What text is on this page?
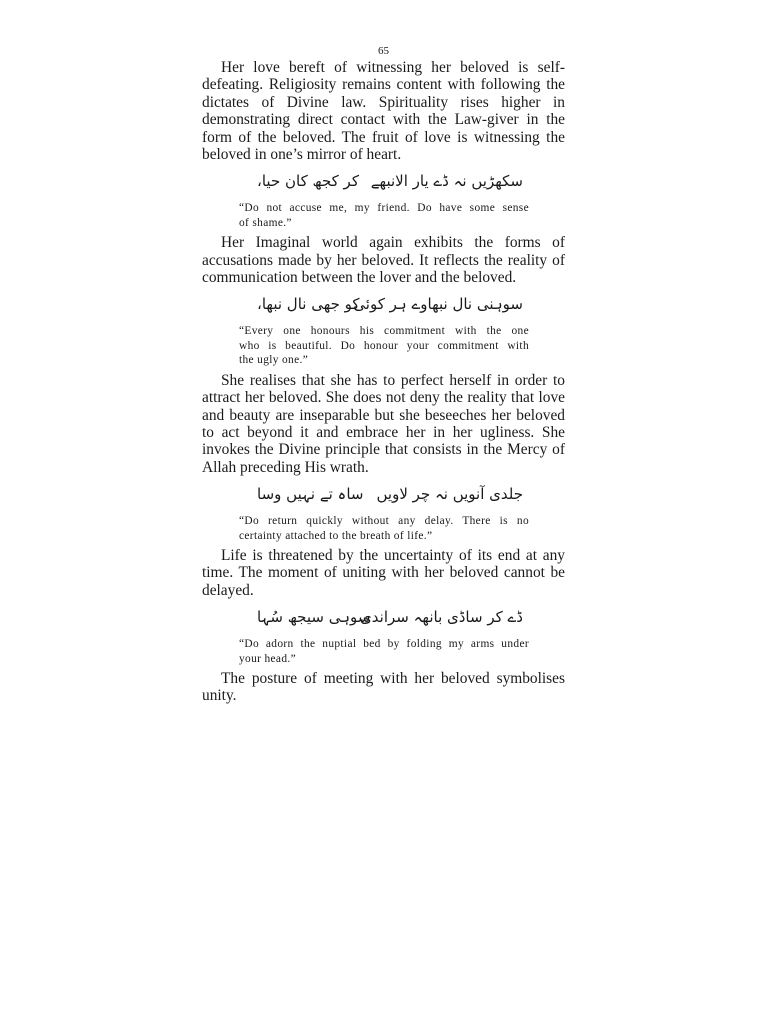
65

Her love bereft of witnessing her beloved is self-defeating. Religiosity remains content with following the dictates of Divine law. Spirituality rises higher in demonstrating direct contact with the Law-giver in the form of the beloved. The fruit of love is witnessing the beloved in one’s mirror of heart.

سکھڑیں نہ ڈے یار الانبھے
کر کجھ کان حیا،
“Do not accuse me, my friend. Do have some sense
of shame.”

Her Imaginal world again exhibits the forms of accusations made by her beloved. It reflects the reality of communication between the lover and the beloved.

سوہنی نال نبھاوے ہر کوئی
کو جھی نال نبھا،
“Every one honours his commitment with the one
who is beautiful. Do honour your commitment with
the ugly one.”

She realises that she has to perfect herself in order to attract her beloved. She does not deny the reality that love and beauty are inseparable but she beseeches her beloved to act beyond it and embrace her in her ugliness. She invokes the Divine principle that consists in the Mercy of Allah preceding His wrath.

جلدی آنویں نہ چر لاویں
ساہ تے نہیں وسا
“Do return quickly without any delay. There is no
certainty attached to the breath of life.”

Life is threatened by the uncertainty of its end at any time. The moment of uniting with her beloved cannot be delayed.

ڈے کر ساڈی بانھہ سراندی
سوہی سیجھ سُہا
“Do adorn the nuptial bed by folding my arms under
your head.”

The posture of meeting with her beloved symbolises unity.
